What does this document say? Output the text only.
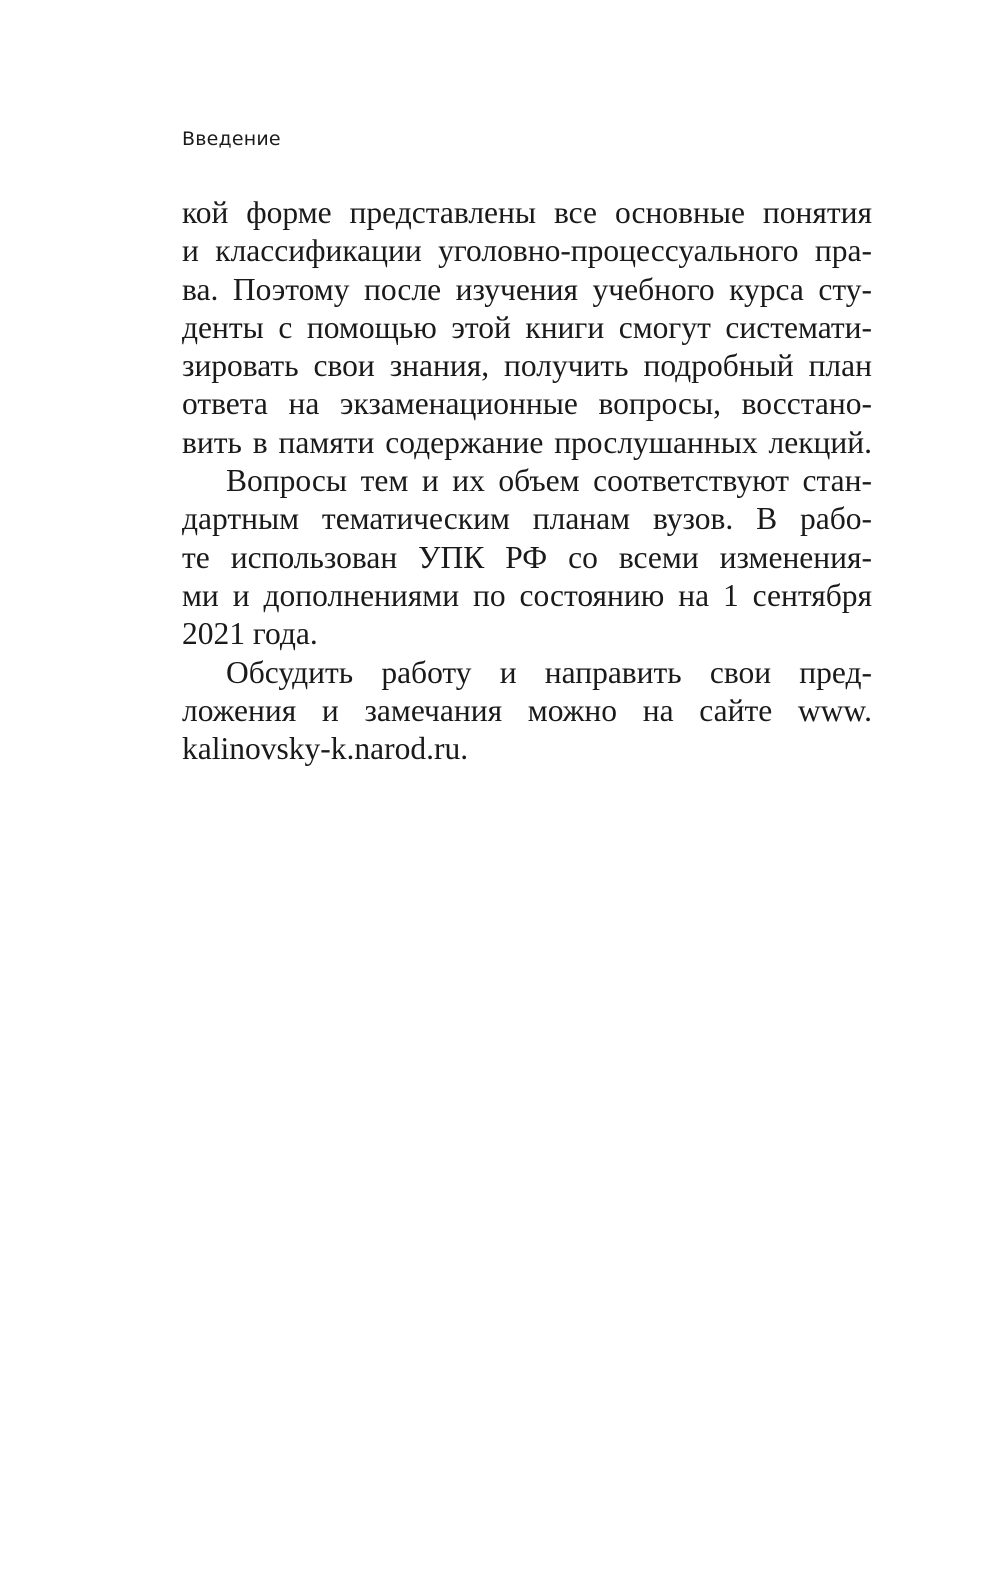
Введение
кой форме представлены все основные понятия
и классификации уголовно-процессуального пра-
ва. Поэтому после изучения учебного курса сту-
денты с помощью этой книги смогут системати-
зировать свои знания, получить подробный план
ответа на экзаменационные вопросы, восстано-
вить в памяти содержание прослушанных лекций.
Вопросы тем и их объем соответствуют стан-
дартным тематическим планам вузов. В рабо-
те использован УПК РФ со всеми изменения-
ми и дополнениями по состоянию на 1 сентября
2021 года.
Обсудить работу и направить свои пред-
ложения и замечания можно на сайте www.
kalinovsky-k.narod.ru.
